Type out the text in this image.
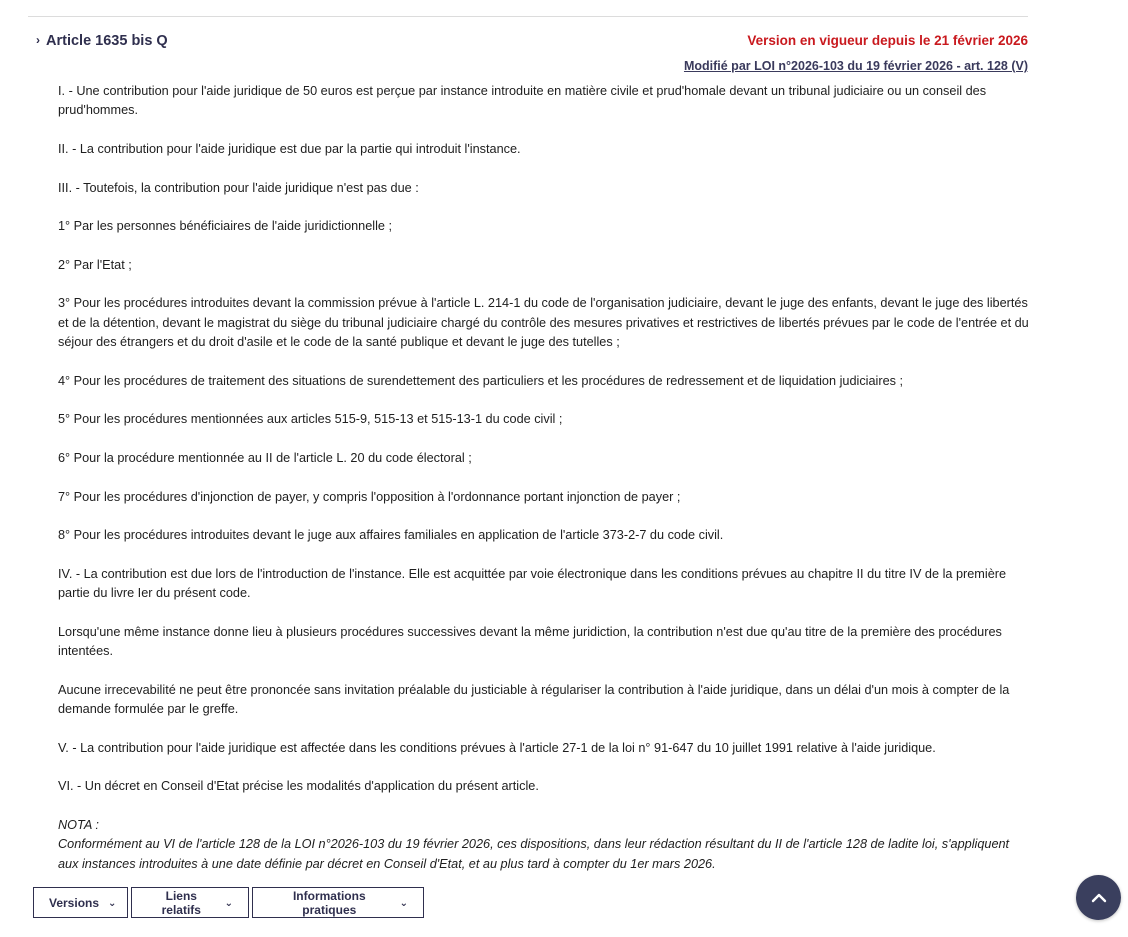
› Article 1635 bis Q	Version en vigueur depuis le 21 février 2026
Modifié par LOI n°2026-103 du 19 février 2026 - art. 128 (V)

I. - Une contribution pour l'aide juridique de 50 euros est perçue par instance introduite en matière civile et prud'homale devant un tribunal judiciaire ou un conseil des prud'hommes.

II. - La contribution pour l'aide juridique est due par la partie qui introduit l'instance.

III. - Toutefois, la contribution pour l'aide juridique n'est pas due :

1° Par les personnes bénéficiaires de l'aide juridictionnelle ;

2° Par l'Etat ;

3° Pour les procédures introduites devant la commission prévue à l'article L. 214-1 du code de l'organisation judiciaire, devant le juge des enfants, devant le juge des libertés et de la détention, devant le magistrat du siège du tribunal judiciaire chargé du contrôle des mesures privatives et restrictives de libertés prévues par le code de l'entrée et du séjour des étrangers et du droit d'asile et le code de la santé publique et devant le juge des tutelles ;

4° Pour les procédures de traitement des situations de surendettement des particuliers et les procédures de redressement et de liquidation judiciaires ;

5° Pour les procédures mentionnées aux articles 515-9, 515-13 et 515-13-1 du code civil ;

6° Pour la procédure mentionnée au II de l'article L. 20 du code électoral ;

7° Pour les procédures d'injonction de payer, y compris l'opposition à l'ordonnance portant injonction de payer ;

8° Pour les procédures introduites devant le juge aux affaires familiales en application de l'article 373-2-7 du code civil.

IV. - La contribution est due lors de l'introduction de l'instance. Elle est acquittée par voie électronique dans les conditions prévues au chapitre II du titre IV de la première partie du livre Ier du présent code.

Lorsqu'une même instance donne lieu à plusieurs procédures successives devant la même juridiction, la contribution n'est due qu'au titre de la première des procédures intentées.

Aucune irrecevabilité ne peut être prononcée sans invitation préalable du justiciable à régulariser la contribution à l'aide juridique, dans un délai d'un mois à compter de la demande formulée par le greffe.

V. - La contribution pour l'aide juridique est affectée dans les conditions prévues à l'article 27-1 de la loi n° 91-647 du 10 juillet 1991 relative à l'aide juridique.

VI. - Un décret en Conseil d'Etat précise les modalités d'application du présent article.

NOTA :

Conformément au VI de l'article 128 de la LOI n°2026-103 du 19 février 2026, ces dispositions, dans leur rédaction résultant du II de l'article 128 de ladite loi, s'appliquent aux instances introduites à une date définie par décret en Conseil d'Etat, et au plus tard à compter du 1er mars 2026.

Versions ⌄
Liens relatifs	⌄
Informations pratiques	⌄
